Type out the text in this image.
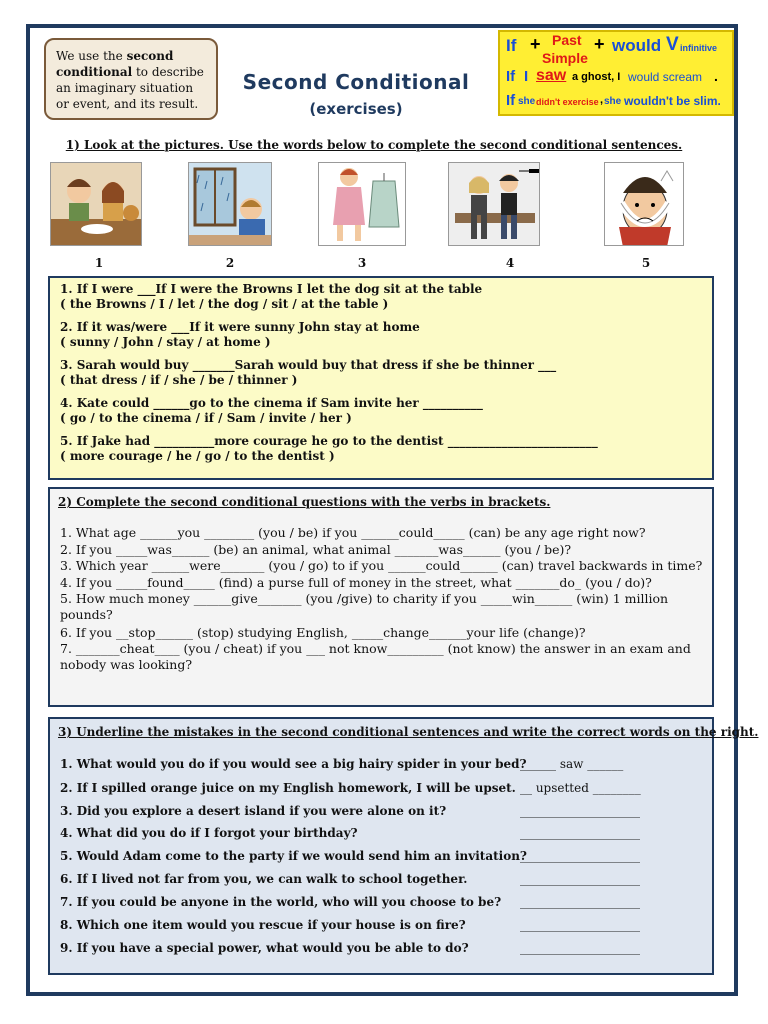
We use the second conditional to describe an imaginary situation or event, and its result.
Second Conditional
(exercises)
If + Past
Simple
+ would V infinitive
If I saw a ghost, I would scream .
If she didn't exercise , she wouldn't be slim.
1) Look at the pictures. Use the words below to complete the second conditional sentences.
1	2	3	4	5
1. If I were ___If I were the Browns I let the dog sit at the table
( the Browns / I / let / the dog / sit / at the table )
2. If it was/were ___If it were sunny John stay at home
( sunny / John / stay / at home )
3. Sarah would buy _______Sarah would buy that dress if she be thinner ___
( that dress / if / she / be / thinner )
4. Kate could ______go to the cinema if Sam invite her __________
( go / to the cinema / if / Sam / invite / her )
5. If Jake had __________more courage he go to the dentist _________________________
( more courage / he / go / to the dentist )
2) Complete the second conditional questions with the verbs in brackets.
1. What age ______you ________ (you / be) if you ______could_____ (can) be any age right now?
2. If you _____was______ (be) an animal, what animal _______was______ (you / be)?
3. Which year ______were_______ (you / go) to if you ______could______ (can) travel backwards in time?
4. If you _____found_____ (find) a purse full of money in the street, what _______do_ (you / do)?
5. How much money ______give_______ (you /give) to charity if you _____win______ (win) 1 million pounds?
6. If you __stop______ (stop) studying English, _____change______your life (change)?
7. _______cheat____ (you / cheat) if you ___ not know_________ (not know) the answer in an exam and nobody was looking?
3) Underline the mistakes in the second conditional sentences and write the correct words on the right.
1. What would you do if you would see a big hairy spider in your bed?
______ saw ______
2. If I spilled orange juice on my English homework, I will be upset. __ upsetted ________
3. Did you explore a desert island if you were alone on it?	____________________
4. What did you do if I forgot your birthday?	____________________
5. Would Adam come to the party if we would send him an invitation?
____________________
6. If I lived not far from you, we can walk to school together.	____________________
7. If you could be anyone in the world, who will you choose to be? ____________________
8. Which one item would you rescue if your house is on fire?	____________________
9. If you have a special power, what would you be able to do?	____________________
